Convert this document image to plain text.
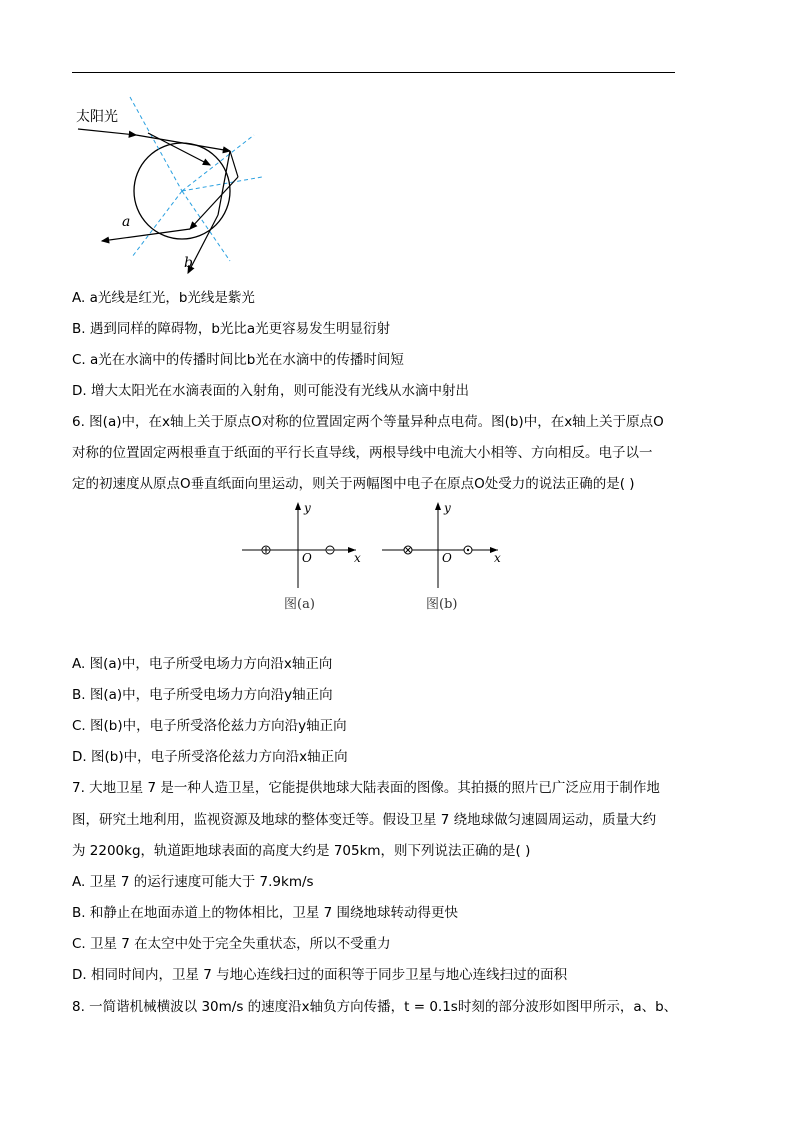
太阳光
a
b
A. a光线是红光，b光线是紫光
B. 遇到同样的障碍物，b光比a光更容易发生明显衍射
C. a光在水滴中的传播时间比b光在水滴中的传播时间短
D. 增大太阳光在水滴表面的入射角，则可能没有光线从水滴中射出
6. 图(a)中，在x轴上关于原点O对称的位置固定两个等量异种点电荷。图(b)中，在x轴上关于原点O
对称的位置固定两根垂直于纸面的平行长直导线，两根导线中电流大小相等、方向相反。电子以一
定的初速度从原点O垂直纸面向里运动，则关于两幅图中电子在原点O处受力的说法正确的是( )
y
x
O
图(a)
y
x
O
图(b)
A. 图(a)中，电子所受电场力方向沿x轴正向
B. 图(a)中，电子所受电场力方向沿y轴正向
C. 图(b)中，电子所受洛伦兹力方向沿y轴正向
D. 图(b)中，电子所受洛伦兹力方向沿x轴正向
7. 大地卫星 7 是一种人造卫星，它能提供地球大陆表面的图像。其拍摄的照片已广泛应用于制作地
图，研究土地利用，监视资源及地球的整体变迁等。假设卫星 7 绕地球做匀速圆周运动，质量大约
为 2200kg，轨道距地球表面的高度大约是 705km，则下列说法正确的是( )
A. 卫星 7 的运行速度可能大于 7.9km/s
B. 和静止在地面赤道上的物体相比，卫星 7 围绕地球转动得更快
C. 卫星 7 在太空中处于完全失重状态，所以不受重力
D. 相同时间内，卫星 7 与地心连线扫过的面积等于同步卫星与地心连线扫过的面积
8. 一简谐机械横波以 30m/s 的速度沿x轴负方向传播，t = 0.1s时刻的部分波形如图甲所示，a、b、
